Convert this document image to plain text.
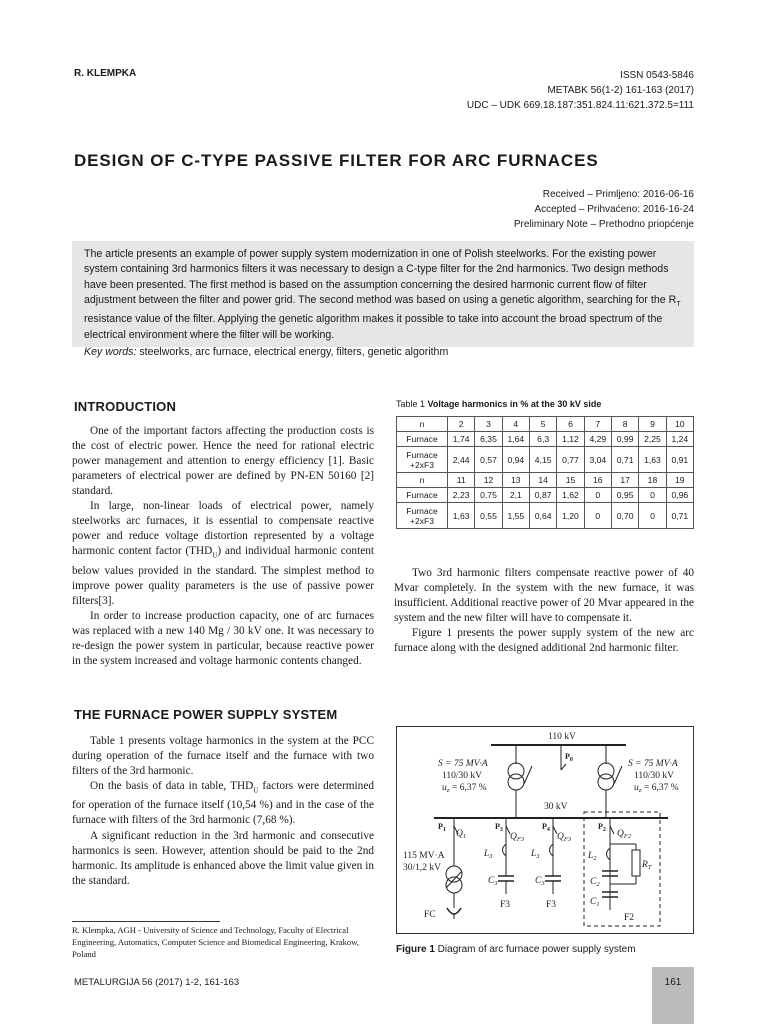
R. KLEMPKA	ISSN 0543-5846
METABK 56(1-2) 161-163 (2017)
UDC – UDK 669.18.187:351.824.11:621.372.5=111
DESIGN OF C-TYPE PASSIVE FILTER FOR ARC FURNACES
Received – Primljeno: 2016-06-16
Accepted – Prihvaćeno: 2016-16-24
Preliminary Note – Prethodno priopćenje

The article presents an example of power supply system modernization in one of Polish steelworks. For the existing power system containing 3rd harmonics filters it was necessary to design a C-type filter for the 2nd harmonics. Two design methods have been presented. The first method is based on the assumption concerning the desired harmonic current flow of filter adjustment between the filter and power grid. The second method was based on using a genetic algorithm, searching for the $R_T$ resistance value of the filter. Applying the genetic algorithm makes it possible to take into account the broad spectrum of the electrical environment where the filter will be working.

Key words: steelworks, arc furnace, electrical energy, filters, genetic algorithm

INTRODUCTION

One of the important factors affecting the production costs is the cost of electric power. Hence the need for rational electric power management and attention to energy efficiency [1]. Basic parameters of electrical power are defined by PN-EN 50160 [2] standard.

In large, non-linear loads of electrical power, namely steelworks arc furnaces, it is essential to compensate reactive power and reduce voltage distortion represented by a voltage harmonic content factor $(THD_U)$ and individual harmonic content below values provided in the standard. The simplest method to improve power quality parameters is the use of passive power filters[3].

In order to increase production capacity, one of arc furnaces was replaced with a new 140 Mg / 30 kV one. It was necessary to re-design the power system in particular, because reactive power in the system increased and voltage harmonic contents changed.

THE FURNACE POWER SUPPLY SYSTEM

Table 1 presents voltage harmonics in the system at the PCC during operation of the furnace itself and the furnace with two filters of the 3rd harmonic.

On the basis of data in table, $THD_U$ factors were determined for operation of the furnace itself (10,54 %) and in the case of the furnace with filters of the 3rd harmonic (7,68 %).

A significant reduction in the 3rd harmonic and consecutive harmonics is seen. However, attention should be paid to the 2nd harmonic. Its amplitude is enhanced above the limit value given in the standard.

Table 1 Voltage harmonics in % at the 30 kV side
n	2	3	4	5	6	7	8	9	10
Furnace	1,74	6,35	1,64	6,3	1,12	4,29	0,99	2,25	1,24
Furnace +2xF3	2,44	0,57	0,94	4,15	0,77	3,04	0,71	1,63	0,91
n	11	12	13	14	15	16	17	18	19
Furnace	2,23	0,75	2,1	0,87	1,62	0	0,95	0	0,96
Furnace +2xF3	1,63	0,55	1,55	0,64	1,20	0	0,70	0	0,71

Two 3rd harmonic filters compensate reactive power of 40 Mvar completely. In the system with the new furnace, it was insufficient. Additional reactive power of 20 Mvar appeared in the system and the new filter will have to compensate it.

Figure 1 presents the power supply system of the new arc furnace along with the designed additional 2nd harmonic filter.

110 kV
$P_0$
S = 75 MV·A
110/30 kV
$u_z = 6,37$ %
S = 75 MV·A
110/30 kV
$u_z = 6,37$ %
30 kV
$P_1$ $Q_1$
115 MV·A
30/1,2 kV
FC
$P_3$
$Q_{F3}$
$L_3$
$C_3$
F3
$P_4$
$Q_{F3}$
$L_3$
$C_3$
F3
$P_2$ $Q_{F2}$
$R_T$
$L_2$
$C_2$
$C_1$
F2
Figure 1 Diagram of arc furnace power supply system
R. Klempka, AGH - University of Science and Technology, Faculty of Electrical Engineering, Automatics, Computer Science and Biomedical Engineering, Krakow, Poland
METALURGIJA 56 (2017) 1-2, 161-163	161
